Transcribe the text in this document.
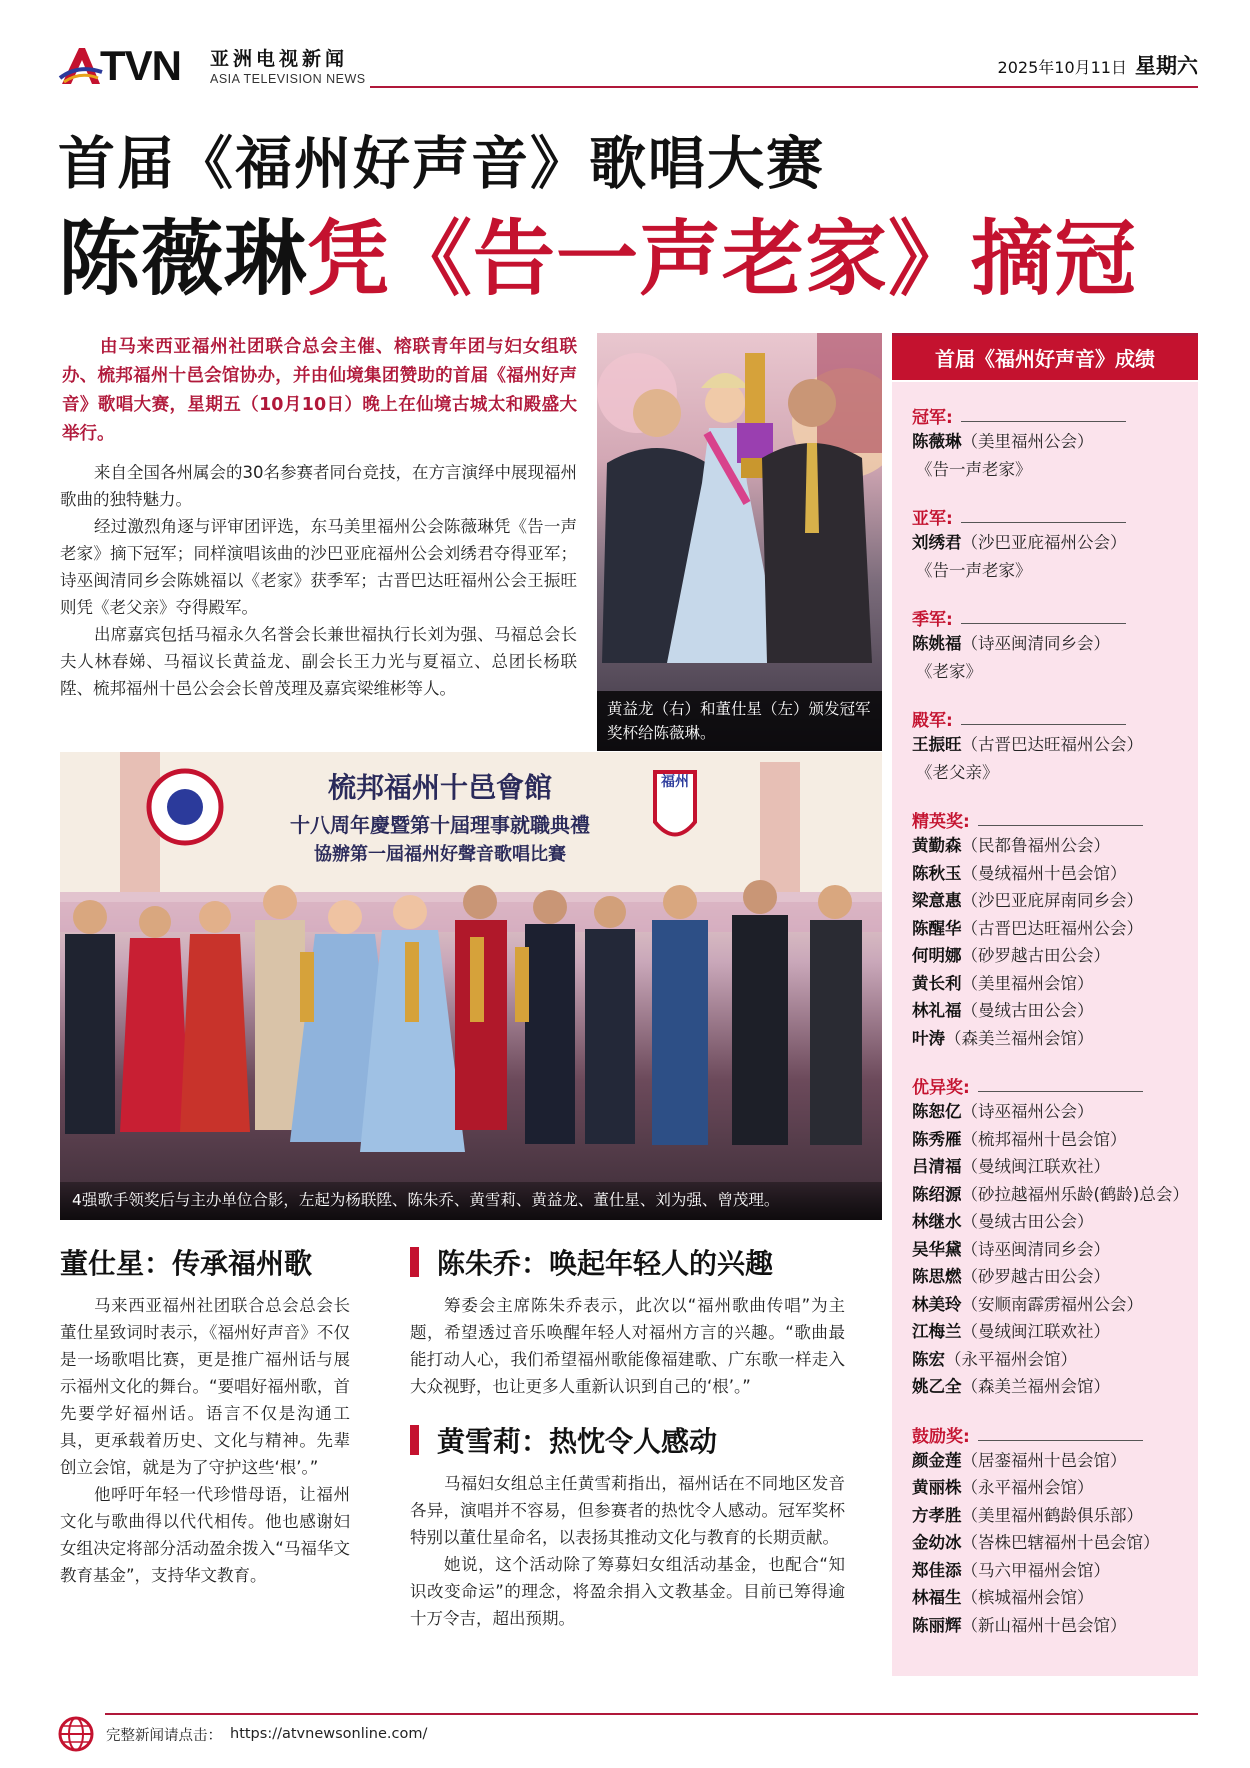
TVN 亚洲电视新闻
ASIA TELEVISION NEWS
2025年10月11日 星期六
首届《福州好声音》歌唱大赛
陈薇琳凭《告一声老家》摘冠

由马来西亚福州社团联合总会主催、榕联青年团与妇女组联办、梳邦福州十邑会馆协办，并由仙境集团赞助的首届《福州好声音》歌唱大赛，星期五（10月10日）晚上在仙境古城太和殿盛大举行。

来自全国各州属会的30名参赛者同台竞技，在方言演绎中展现福州歌曲的独特魅力。

经过激烈角逐与评审团评选，东马美里福州公会陈薇琳凭《告一声老家》摘下冠军；同样演唱该曲的沙巴亚庇福州公会刘绣君夺得亚军；诗巫闽清同乡会陈姚福以《老家》获季军；古晋巴达旺福州公会王振旺则凭《老父亲》夺得殿军。

出席嘉宾包括马福永久名誉会长兼世福执行长刘为强、马福总会长夫人林春娣、马福议长黄益龙、副会长王力光与夏福立、总团长杨联陞、梳邦福州十邑公会会长曾茂理及嘉宾梁维彬等人。

黄益龙（右）和董仕星（左）颁发冠军奖杯给陈薇琳。
福州
梳邦福州十邑會館
十八周年慶暨第十屆理事就職典禮
協辦第一屆福州好聲音歌唱比賽
4强歌手领奖后与主办单位合影，左起为杨联陞、陈朱乔、黄雪莉、黄益龙、董仕星、刘为强、曾茂理。
首届《福州好声音》成绩
冠军:
陈薇琳（美里福州公会）
《告一声老家》
亚军:
刘绣君（沙巴亚庇福州公会）
《告一声老家》
季军:
陈姚福（诗巫闽清同乡会）
《老家》
殿军:
王振旺（古晋巴达旺福州公会）
《老父亲》
精英奖:
黄勤森（民都鲁福州公会）
陈秋玉（曼绒福州十邑会馆）
梁意惠（沙巴亚庇屏南同乡会）
陈醒华（古晋巴达旺福州公会）
何明娜（砂罗越古田公会）
黄长利（美里福州会馆）
林礼福（曼绒古田公会）
叶涛（森美兰福州会馆）
优异奖:
陈恕亿（诗巫福州公会）
陈秀雁（梳邦福州十邑会馆）
吕清福（曼绒闽江联欢社）
陈绍源（砂拉越福州乐龄(鹤龄)总会）
林继水（曼绒古田公会）
吴华黛（诗巫闽清同乡会）
陈思燃（砂罗越古田公会）
林美玲（安顺南霹雳福州公会）
江梅兰（曼绒闽江联欢社）
陈宏（永平福州会馆）
姚乙全（森美兰福州会馆）
鼓励奖:
颜金莲（居銮福州十邑会馆）
黄丽株（永平福州会馆）
方孝胜（美里福州鹤龄俱乐部）
金幼冰（峇株巴辖福州十邑会馆）
郑佳添（马六甲福州会馆）
林福生（槟城福州会馆）
陈丽辉（新山福州十邑会馆）
董仕星：传承福州歌

马来西亚福州社团联合总会总会长董仕星致词时表示，《福州好声音》不仅是一场歌唱比赛，更是推广福州话与展示福州文化的舞台。“要唱好福州歌，首先要学好福州话。语言不仅是沟通工具，更承载着历史、文化与精神。先辈创立会馆，就是为了守护这些‘根’。”

他呼吁年轻一代珍惜母语，让福州文化与歌曲得以代代相传。他也感谢妇女组决定将部分活动盈余拨入“马福华文教育基金”，支持华文教育。

陈朱乔：唤起年轻人的兴趣

筹委会主席陈朱乔表示，此次以“福州歌曲传唱”为主题，希望透过音乐唤醒年轻人对福州方言的兴趣。“歌曲最能打动人心，我们希望福州歌能像福建歌、广东歌一样走入大众视野，也让更多人重新认识到自己的‘根’。”

黄雪莉：热忱令人感动

马福妇女组总主任黄雪莉指出，福州话在不同地区发音各异，演唱并不容易，但参赛者的热忱令人感动。冠军奖杯特别以董仕星命名，以表扬其推动文化与教育的长期贡献。

她说，这个活动除了筹募妇女组活动基金，也配合“知识改变命运”的理念，将盈余捐入文教基金。目前已筹得逾十万令吉，超出预期。

完整新闻请点击： https://atvnewsonline.com/
